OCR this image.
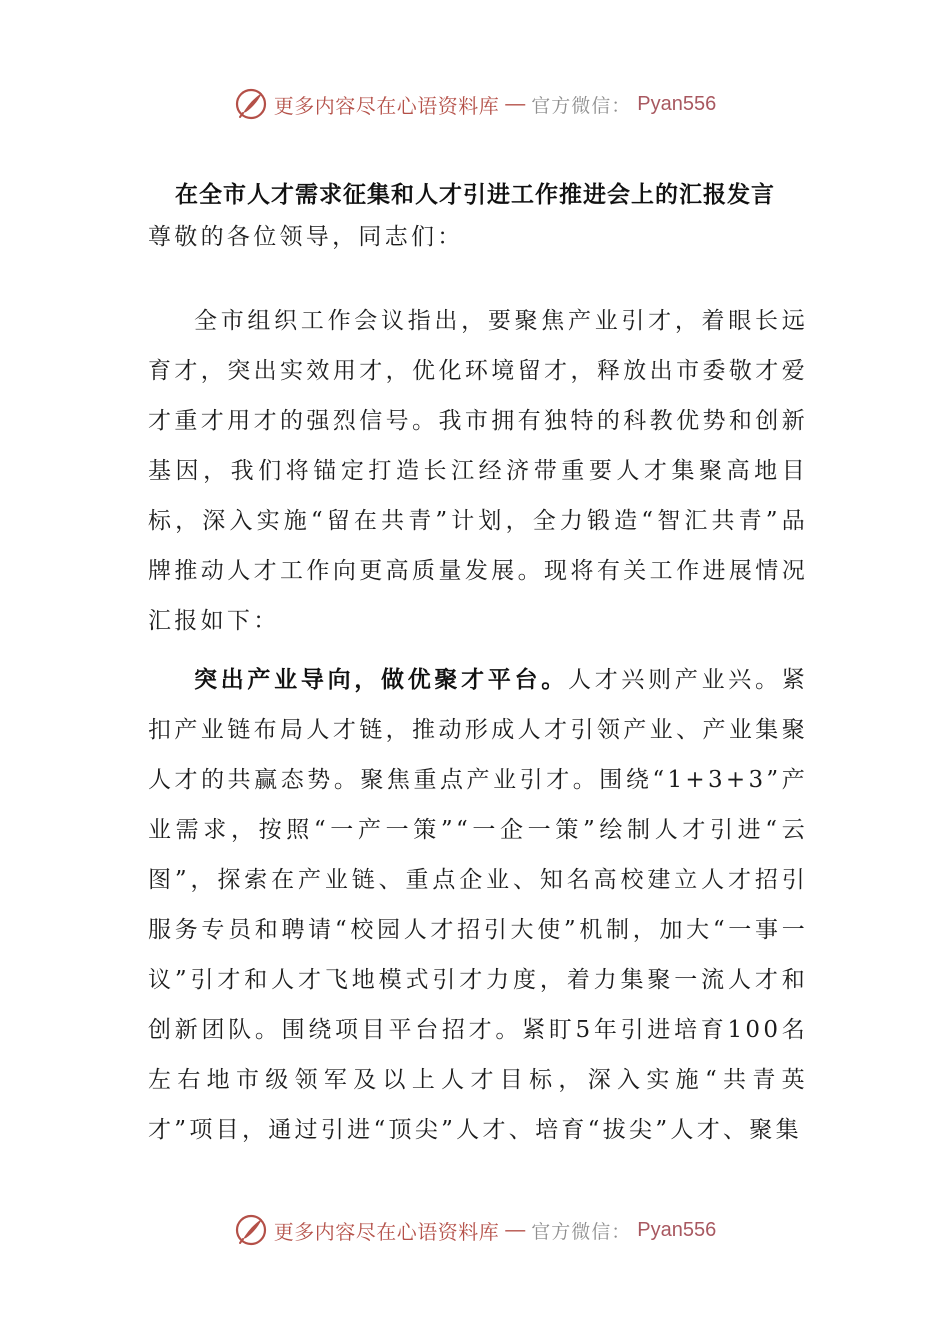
更多内容尽在心语资料库 — 官方微信： Pyan556
在全市人才需求征集和人才引进工作推进会上的汇报发言
尊敬的各位领导，同志们：
全市组织工作会议指出，要聚焦产业引才，着眼长远育才，突出实效用才，优化环境留才，释放出市委敬才爱才重才用才的强烈信号。我市拥有独特的科教优势和创新基因，我们将锚定打造长江经济带重要人才集聚高地目标，深入实施“留在共青”计划，全力锻造“智汇共青”品牌推动人才工作向更高质量发展。现将有关工作进展情况汇报如下：
突出产业导向，做优聚才平台。人才兴则产业兴。紧扣产业链布局人才链，推动形成人才引领产业、产业集聚人才的共赢态势。聚焦重点产业引才。围绕“1+3+3”产业需求，按照“一产一策”“一企一策”绘制人才引进“云图”，探索在产业链、重点企业、知名高校建立人才招引服务专员和聘请“校园人才招引大使”机制，加大“一事一议”引才和人才飞地模式引才力度，着力集聚一流人才和创新团队。围绕项目平台招才。紧盯5年引进培育100名左右地市级领军及以上人才目标，深入实施“共青英才”项目，通过引进“顶尖”人才、培育“拔尖”人才、聚集
更多内容尽在心语资料库 — 官方微信： Pyan556
